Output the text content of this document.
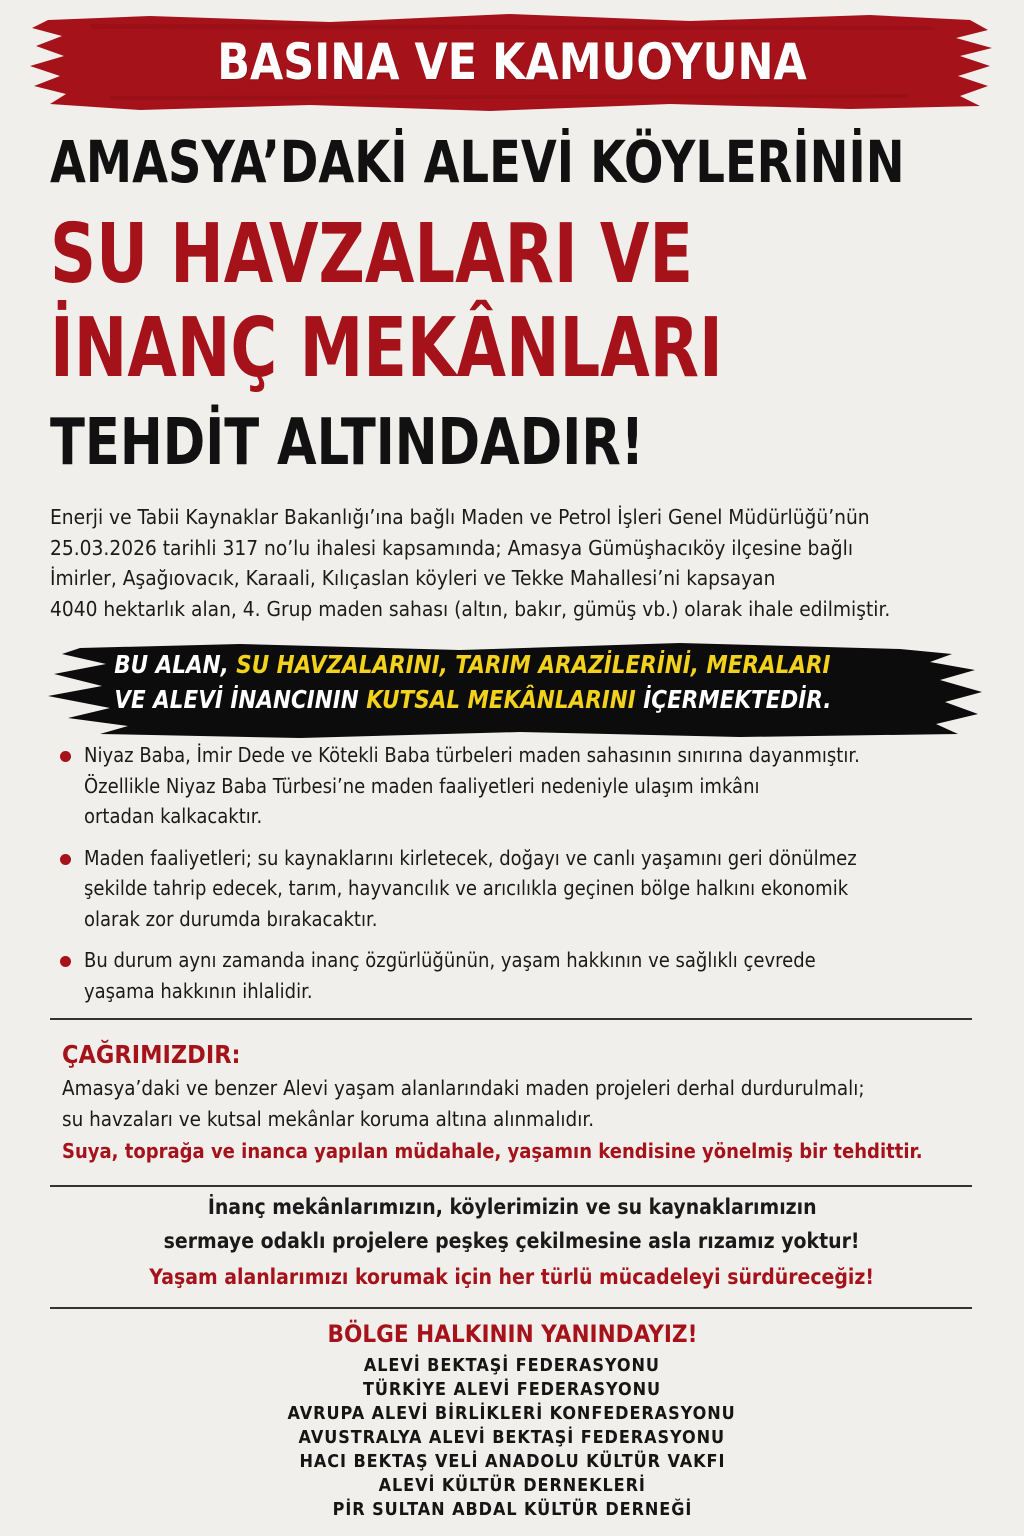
BASINA VE KAMUOYUNA
AMASYA’DAKİ ALEVİ KÖYLERİNİN
SU HAVZALARI VE
İNANÇ MEKÂNLARI
TEHDİT ALTINDADIR!

Enerji ve Tabii Kaynaklar Bakanlığı’ına bağlı Maden ve Petrol İşleri Genel Müdürlüğü’nün

25.03.2026 tarihli 317 no’lu ihalesi kapsamında; Amasya Gümüşhacıköy ilçesine bağlı

İmirler, Aşağıovacık, Karaali, Kılıçaslan köyleri ve Tekke Mahallesi’ni kapsayan

4040 hektarlık alan, 4. Grup maden sahası (altın, bakır, gümüş vb.) olarak ihale edilmiştir.

BU ALAN, SU HAVZALARINI, TARIM ARAZİLERİNİ, MERALARI
VE ALEVİ İNANCININ KUTSAL MEKÂNLARINI İÇERMEKTEDİR.

Niyaz Baba, İmir Dede ve Kötekli Baba türbeleri maden sahasının sınırına dayanmıştır.

Özellikle Niyaz Baba Türbesi’ne maden faaliyetleri nedeniyle ulaşım imkânı

ortadan kalkacaktır.

Maden faaliyetleri; su kaynaklarını kirletecek, doğayı ve canlı yaşamını geri dönülmez

şekilde tahrip edecek, tarım, hayvancılık ve arıcılıkla geçinen bölge halkını ekonomik

olarak zor durumda bırakacaktır.

Bu durum aynı zamanda inanç özgürlüğünün, yaşam hakkının ve sağlıklı çevrede

yaşama hakkının ihlalidir.

ÇAĞRIMIZDIR:

Amasya’daki ve benzer Alevi yaşam alanlarındaki maden projeleri derhal durdurulmalı;

su havzaları ve kutsal mekânlar koruma altına alınmalıdır.

Suya, toprağa ve inanca yapılan müdahale, yaşamın kendisine yönelmiş bir tehdittir.
İnanç mekânlarımızın, köylerimizin ve su kaynaklarımızın
sermaye odaklı projelere peşkeş çekilmesine asla rızamız yoktur!
Yaşam alanlarımızı korumak için her türlü mücadeleyi sürdüreceğiz!
BÖLGE HALKININ YANINDAYIZ!
ALEVİ BEKTAŞİ FEDERASYONU
TÜRKİYE ALEVİ FEDERASYONU
AVRUPA ALEVİ BİRLİKLERİ KONFEDERASYONU
AVUSTRALYA ALEVİ BEKTAŞİ FEDERASYONU
HACI BEKTAŞ VELİ ANADOLU KÜLTÜR VAKFI
ALEVİ KÜLTÜR DERNEKLERİ
PİR SULTAN ABDAL KÜLTÜR DERNEĞİ
